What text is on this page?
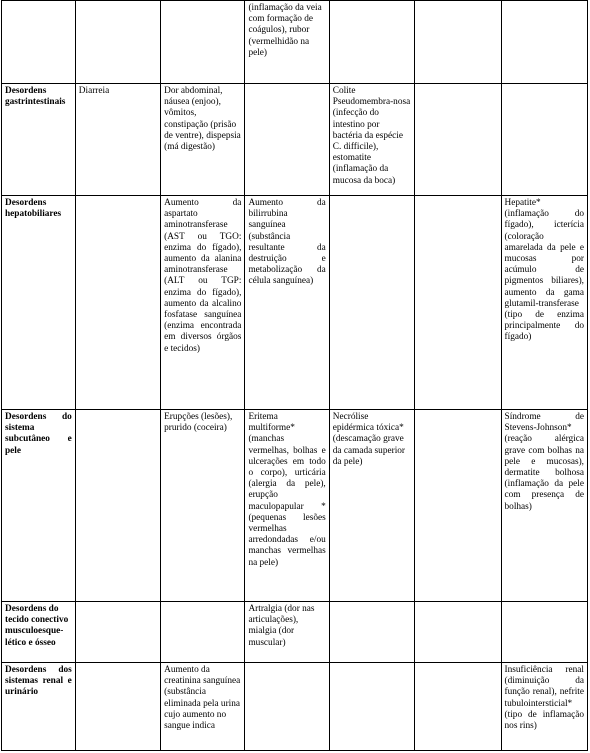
			(inflamação da veia com formação de coágulos), rubor (vermelhidão na pele)			
Desordens gastrintestinais	Diarreia	Dor abdominal, náusea (enjoo), vômitos, constipação (prisão de ventre), dispepsia (má digestão)		Colite Pseudomembra-nosa (infecção do intestino por bactéria da espécie C. difficile), estomatite (inflamação da mucosa da boca)		
Desordens hepatobiliares		Aumento da aspartato aminotransferase (AST ou TGO: enzima do fígado), aumento da alanina aminotransferase (ALT ou TGP: enzima do fígado), aumento da alcalino fosfatase sanguínea (enzima encontrada em diversos órgãos e tecidos)	Aumento da bilirrubina sanguínea (substância resultante da destruição e metabolização da célula sanguínea)			Hepatite* (inflamação do fígado), icterícia (coloração amarelada da pele e mucosas por acúmulo de pigmentos biliares), aumento da gama glutamil-transferase (tipo de enzima principalmente do fígado)
Desordens do sistema subcutâneo e pele		Erupções (lesões), prurido (coceira)	Eritema multiforme* (manchas vermelhas, bolhas e ulcerações em todo o corpo), urticária (alergia da pele), erupção maculopapular * (pequenas lesões vermelhas arredondadas e/ou manchas vermelhas na pele)	Necrólise epidérmica tóxica* (descamação grave da camada superior da pele)		Síndrome de Stevens-Johnson* (reação alérgica grave com bolhas na pele e mucosas), dermatite bolhosa (inflamação da pele com presença de bolhas)
Desordens do tecido conectivo musculoesque-lético e ósseo			Artralgia (dor nas articulações), mialgia (dor muscular)			
Desordens dos sistemas renal e urinário		Aumento da creatinina sanguínea (substância eliminada pela urina cujo aumento no sangue indica				Insuficiência renal (diminuição da função renal), nefrite tubulointersticial* (tipo de inflamação nos rins)
